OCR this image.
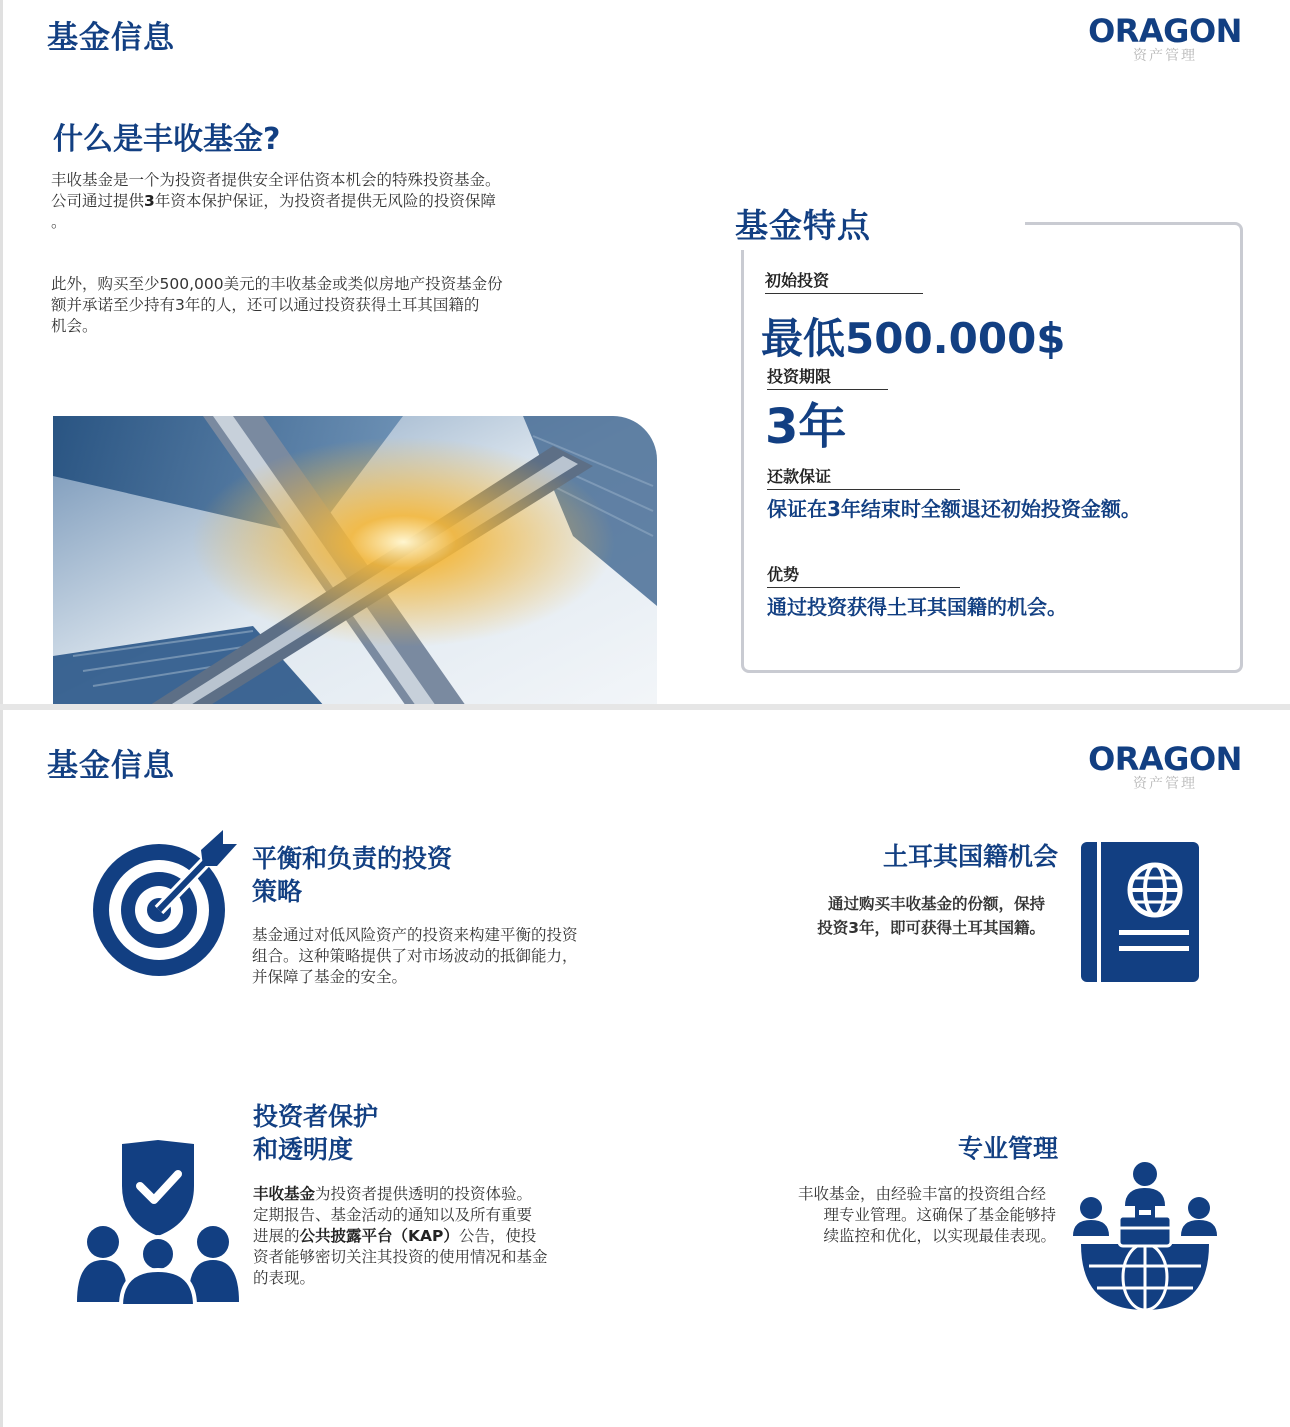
基金信息	ORAGON
资产管理
什么是丰收基金?
丰收基金是一个为投资者提供安全评估资本机会的特殊投资基金。
公司通过提供3年资本保护保证，为投资者提供无风险的投资保障
。
此外，购买至少500,000美元的丰收基金或类似房地产投资基金份
额并承诺至少持有3年的人，还可以通过投资获得土耳其国籍的
机会。
基金特点
初始投资
最低500.000$
投资期限
3年
还款保证
保证在3年结束时全额退还初始投资金额。
优势
通过投资获得土耳其国籍的机会。
基金信息	ORAGON
资产管理
平衡和负责的投资
策略
基金通过对低风险资产的投资来构建平衡的投资
组合。这种策略提供了对市场波动的抵御能力，
并保障了基金的安全。
土耳其国籍机会
通过购买丰收基金的份额，保持
投资3年，即可获得土耳其国籍。
投资者保护
和透明度
丰收基金为投资者提供透明的投资体验。
定期报告、基金活动的通知以及所有重要
进展的公共披露平台（KAP）公告，使投
资者能够密切关注其投资的使用情况和基金
的表现。
专业管理
丰收基金，由经验丰富的投资组合经
理专业管理。这确保了基金能够持
续监控和优化，以实现最佳表现。
